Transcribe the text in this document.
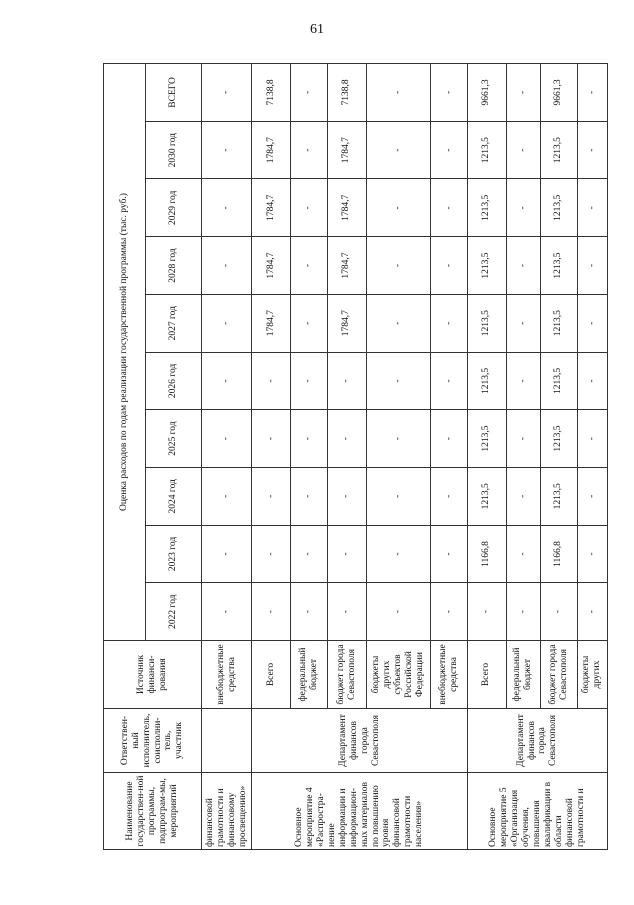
61
Наименование государствен-ной программы, подпрограм-мы, мероприятий	Ответствен-ный исполнитель, соисполни-тель, участник	Источник финанси-рования	Оценка расходов по годам реализации государственной программы (тыс. руб.)									
			2022 год	2023 год	2024 год	2025 год	2026 год	2027 год	2028 год	2029 год	2030 год	ВСЕГО
финансовой грамотности и финансовому просвещению»		внебюджетные средства	-	-	-	-	-	-	-	-	-	-
Основное мероприятие 4 «Распростра-нение информации и информацион-ных материалов по повышению уровня финансовой грамотности населения»	Департамент финансов города Севастополя	Всего	-	-	-	-	-	1784,7	1784,7	1784,7	1784,7	7138,8
		федеральный бюджет	-	-	-	-	-	-	-	-	-	-
		бюджет города Севастополя	-	-	-	-	-	1784,7	1784,7	1784,7	1784,7	7138,8
		бюджеты других субъектов Российской Федерации	-	-	-	-	-	-	-	-	-	-
		внебюджетные средства	-	-	-	-	-	-	-	-	-	-
Основное мероприятие 5 «Организация обучения, повышения квалификации в области финансовой грамотности и	Департамент финансов города Севастополя	Всего	-	1166,8	1213,5	1213,5	1213,5	1213,5	1213,5	1213,5	1213,5	9661,3
		федеральный бюджет	-	-	-	-	-	-	-	-	-	-
		бюджет города Севастополя	-	1166,8	1213,5	1213,5	1213,5	1213,5	1213,5	1213,5	1213,5	9661,3
		бюджеты других	-	-	-	-	-	-	-	-	-	-
